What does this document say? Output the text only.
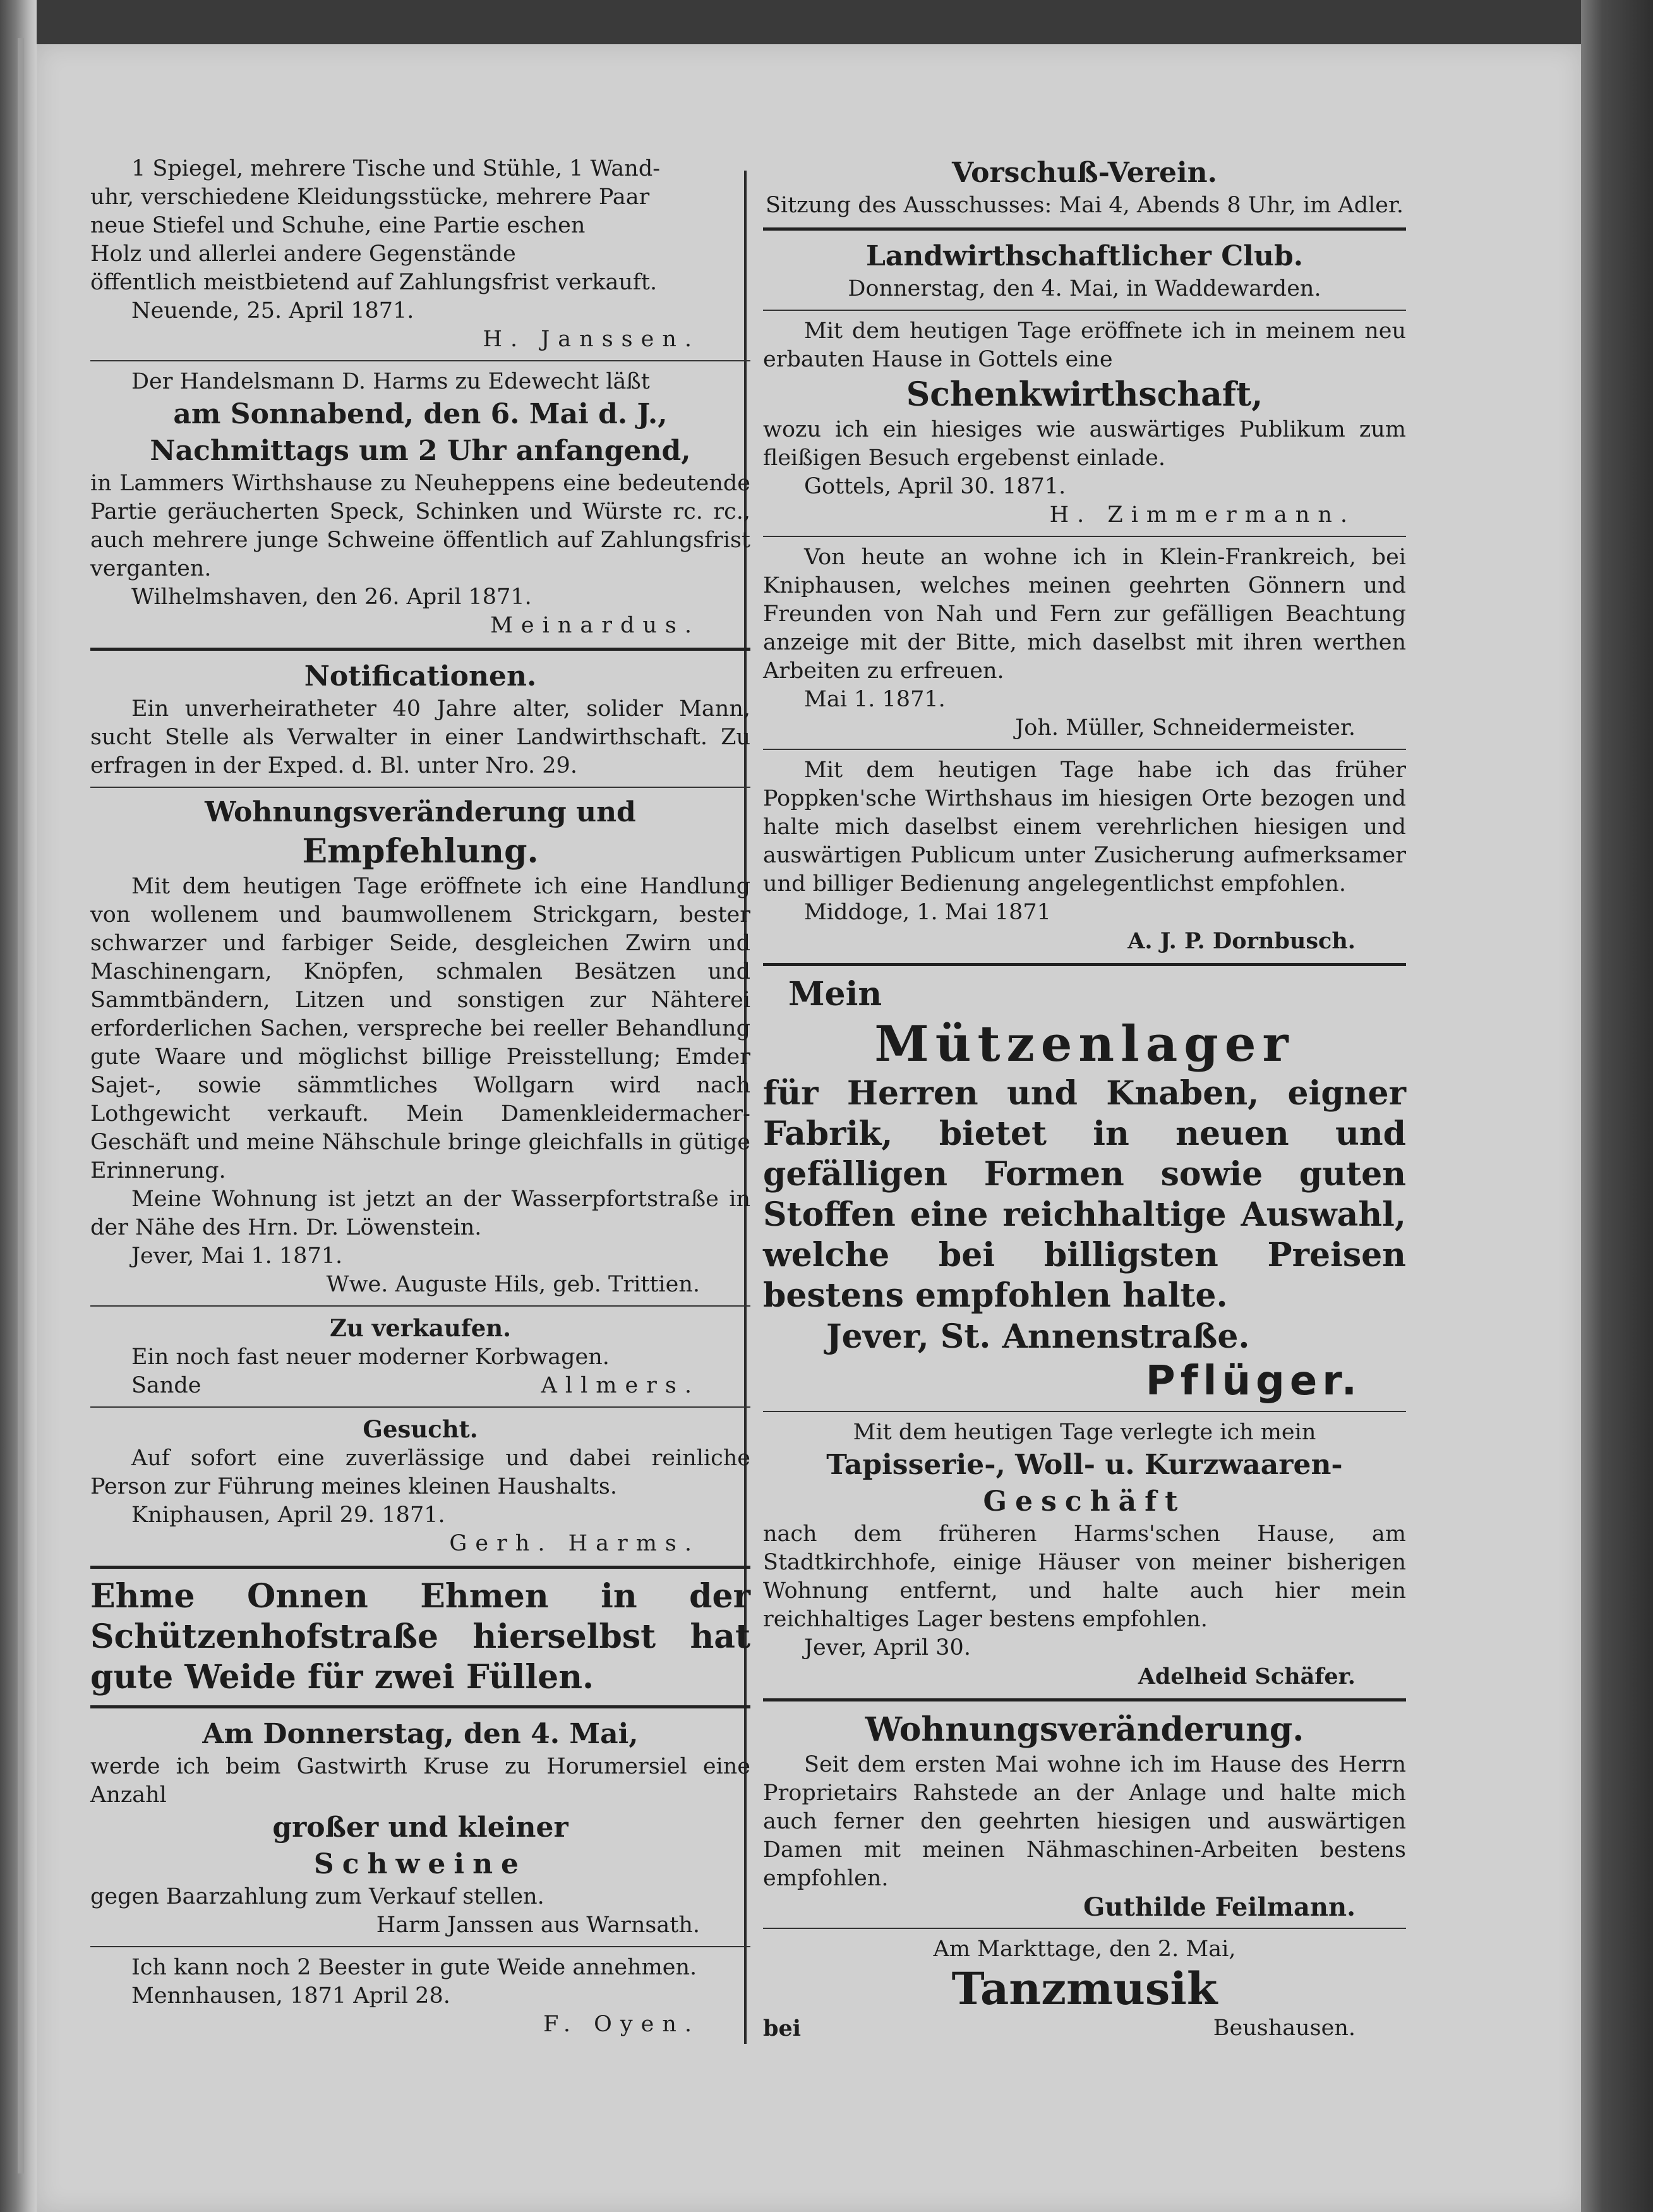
1 Spiegel, mehrere Tische und Stühle, 1 Wand-
uhr, verschiedene Kleidungsstücke, mehrere Paar
neue Stiefel und Schuhe, eine Partie eschen
Holz und allerlei andere Gegenstände
öffentlich meistbietend auf Zahlungsfrist verkauft.
Neuende, 25. April 1871.
H. Janssen.
Der Handelsmann D. Harms zu Edewecht läßt
am Sonnabend, den 6. Mai d. J.,
Nachmittags um 2 Uhr anfangend,
in Lammers Wirthshause zu Neuheppens eine bedeutende Partie geräucherten Speck, Schinken und Würste rc. rc., auch mehrere junge Schweine öffentlich auf Zahlungsfrist verganten.
Wilhelmshaven, den 26. April 1871.
Meinardus.
Notificationen.
Ein unverheiratheter 40 Jahre alter, solider Mann, sucht Stelle als Verwalter in einer Landwirthschaft. Zu erfragen in der Exped. d. Bl. unter Nro. 29.
Wohnungsveränderung und
Empfehlung.
Mit dem heutigen Tage eröffnete ich eine Handlung von wollenem und baumwollenem Strickgarn, bester schwarzer und farbiger Seide, desgleichen Zwirn und Maschinengarn, Knöpfen, schmalen Besätzen und Sammtbändern, Litzen und sonstigen zur Nähterei erforderlichen Sachen, verspreche bei reeller Behandlung gute Waare und möglichst billige Preisstellung; Emder Sajet-, sowie sämmtliches Wollgarn wird nach Lothgewicht verkauft. Mein Damenkleidermacher-Geschäft und meine Nähschule bringe gleichfalls in gütige Erinnerung.
Meine Wohnung ist jetzt an der Wasserpfortstraße in der Nähe des Hrn. Dr. Löwenstein.
Jever, Mai 1. 1871.
Wwe. Auguste Hils, geb. Trittien.
Zu verkaufen.
Ein noch fast neuer moderner Korbwagen.
Sande	Allmers.
Gesucht.
Auf sofort eine zuverlässige und dabei reinliche Person zur Führung meines kleinen Haushalts.
Kniphausen, April 29. 1871.
Gerh. Harms.
Ehme Onnen Ehmen in der Schützenhofstraße hierselbst hat gute Weide für zwei Füllen.
Am Donnerstag, den 4. Mai,
werde ich beim Gastwirth Kruse zu Horumersiel eine Anzahl
großer und kleiner
Schweine
gegen Baarzahlung zum Verkauf stellen.
Harm Janssen aus Warnsath.
Ich kann noch 2 Beester in gute Weide annehmen.
Mennhausen, 1871 April 28.
F. Oyen.
Vorschuß-Verein.
Sitzung des Ausschusses: Mai 4, Abends 8 Uhr, im Adler.
Landwirthschaftlicher Club.
Donnerstag, den 4. Mai, in Waddewarden.
Mit dem heutigen Tage eröffnete ich in meinem neu erbauten Hause in Gottels eine
Schenkwirthschaft,
wozu ich ein hiesiges wie auswärtiges Publikum zum fleißigen Besuch ergebenst einlade.
Gottels, April 30. 1871.
H. Zimmermann.
Von heute an wohne ich in Klein-Frankreich, bei Kniphausen, welches meinen geehrten Gönnern und Freunden von Nah und Fern zur gefälligen Beachtung anzeige mit der Bitte, mich daselbst mit ihren werthen Arbeiten zu erfreuen.
Mai 1. 1871.
Joh. Müller, Schneidermeister.
Mit dem heutigen Tage habe ich das früher Poppken'sche Wirthshaus im hiesigen Orte bezogen und halte mich daselbst einem verehrlichen hiesigen und auswärtigen Publicum unter Zusicherung aufmerksamer und billiger Bedienung angelegentlichst empfohlen.
Middoge, 1. Mai 1871
A. J. P. Dornbusch.
Mein
Mützenlager
für Herren und Knaben, eigner Fabrik, bietet in neuen und gefälligen Formen sowie guten Stoffen eine reichhaltige Auswahl, welche bei billigsten Preisen bestens empfohlen halte.
Jever, St. Annenstraße.
Pflüger.
Mit dem heutigen Tage verlegte ich mein
Tapisserie-, Woll- u. Kurzwaaren-
Geschäft
nach dem früheren Harms'schen Hause, am Stadtkirchhofe, einige Häuser von meiner bisherigen Wohnung entfernt, und halte auch hier mein reichhaltiges Lager bestens empfohlen.
Jever, April 30.
Adelheid Schäfer.
Wohnungsveränderung.
Seit dem ersten Mai wohne ich im Hause des Herrn Proprietairs Rahstede an der Anlage und halte mich auch ferner den geehrten hiesigen und auswärtigen Damen mit meinen Nähmaschinen-Arbeiten bestens empfohlen.
Guthilde Feilmann.
Am Markttage, den 2. Mai,
Tanzmusik
bei	Beushausen.
